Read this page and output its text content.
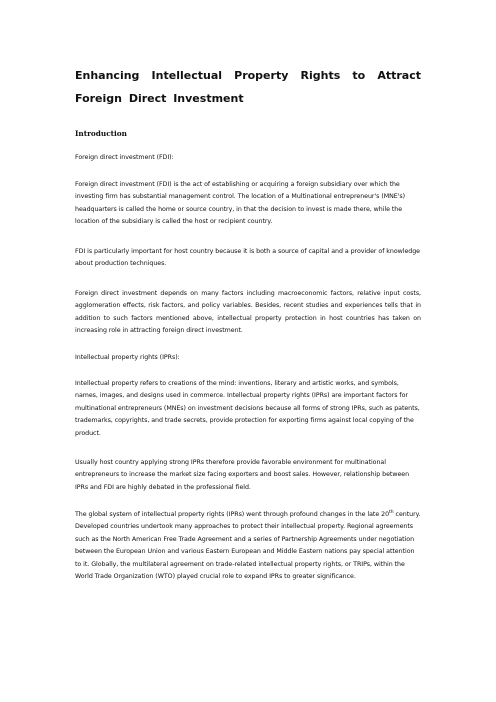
Enhancing Intellectual Property Rights to Attract Foreign Direct Investment
Introduction

Foreign direct investment (FDI):

Foreign direct investment (FDI) is the act of establishing or acquiring a foreign subsidiary over which the investing firm has substantial management control. The location of a Multinational entrepreneur's (MNE's) headquarters is called the home or source country, in that the decision to invest is made there, while the location of the subsidiary is called the host or recipient country.

FDI is particularly important for host country because it is both a source of capital and a provider of knowledge about production techniques.

Foreign direct investment depends on many factors including macroeconomic factors, relative input costs, agglomeration effects, risk factors, and policy variables. Besides, recent studies and experiences tells that in addition to such factors mentioned above, intellectual property protection in host countries has taken on increasing role in attracting foreign direct investment.

Intellectual property rights (IPRs):

Intellectual property refers to creations of the mind: inventions, literary and artistic works, and symbols, names, images, and designs used in commerce. Intellectual property rights (IPRs) are important factors for multinational entrepreneurs (MNEs) on investment decisions because all forms of strong IPRs, such as patents, trademarks, copyrights, and trade secrets, provide protection for exporting firms against local copying of the product.

Usually host country applying strong IPRs therefore provide favorable environment for multinational entrepreneurs to increase the market size facing exporters and boost sales. However, relationship between IPRs and FDI are highly debated in the professional field.

The global system of intellectual property rights (IPRs) went through profound changes in the late 20th century. Developed countries undertook many approaches to protect their intellectual property. Regional agreements such as the North American Free Trade Agreement and a series of Partnership Agreements under negotiation between the European Union and various Eastern European and Middle Eastern nations pay special attention to it. Globally, the multilateral agreement on trade-related intellectual property rights, or TRIPs, within the World Trade Organization (WTO) played crucial role to expand IPRs to greater significance.
